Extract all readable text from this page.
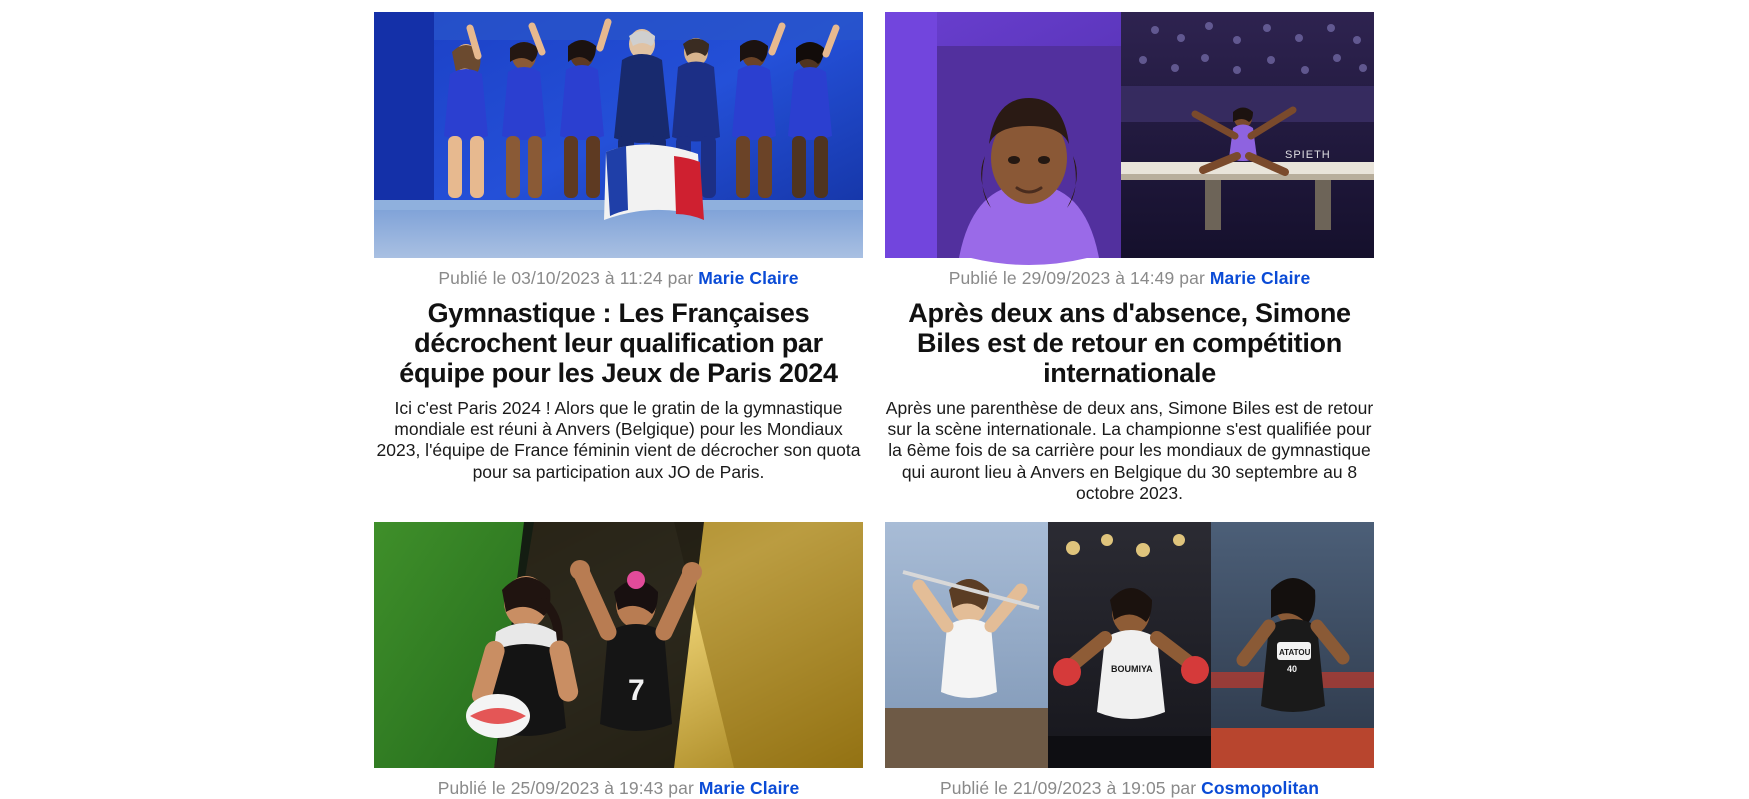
Publié le 03/10/2023 à 11:24 par Marie Claire
Gymnastique : Les Françaises décrochent leur qualification par équipe pour les Jeux de Paris 2024

Ici c'est Paris 2024 ! Alors que le gratin de la gymnastique mondiale est réuni à Anvers (Belgique) pour les Mondiaux 2023, l'équipe de France féminin vient de décrocher son quota pour sa participation aux JO de Paris.

SPIETH
Publié le 29/09/2023 à 14:49 par Marie Claire
Après deux ans d'absence, Simone Biles est de retour en compétition internationale

Après une parenthèse de deux ans, Simone Biles est de retour sur la scène internationale. La championne s'est qualifiée pour la 6ème fois de sa carrière pour les mondiaux de gymnastique qui auront lieu à Anvers en Belgique du 30 septembre au 8 octobre 2023.

7
Publié le 25/09/2023 à 19:43 par Marie Claire
BOUMIYA
ATATOU
40
Publié le 21/09/2023 à 19:05 par Cosmopolitan
